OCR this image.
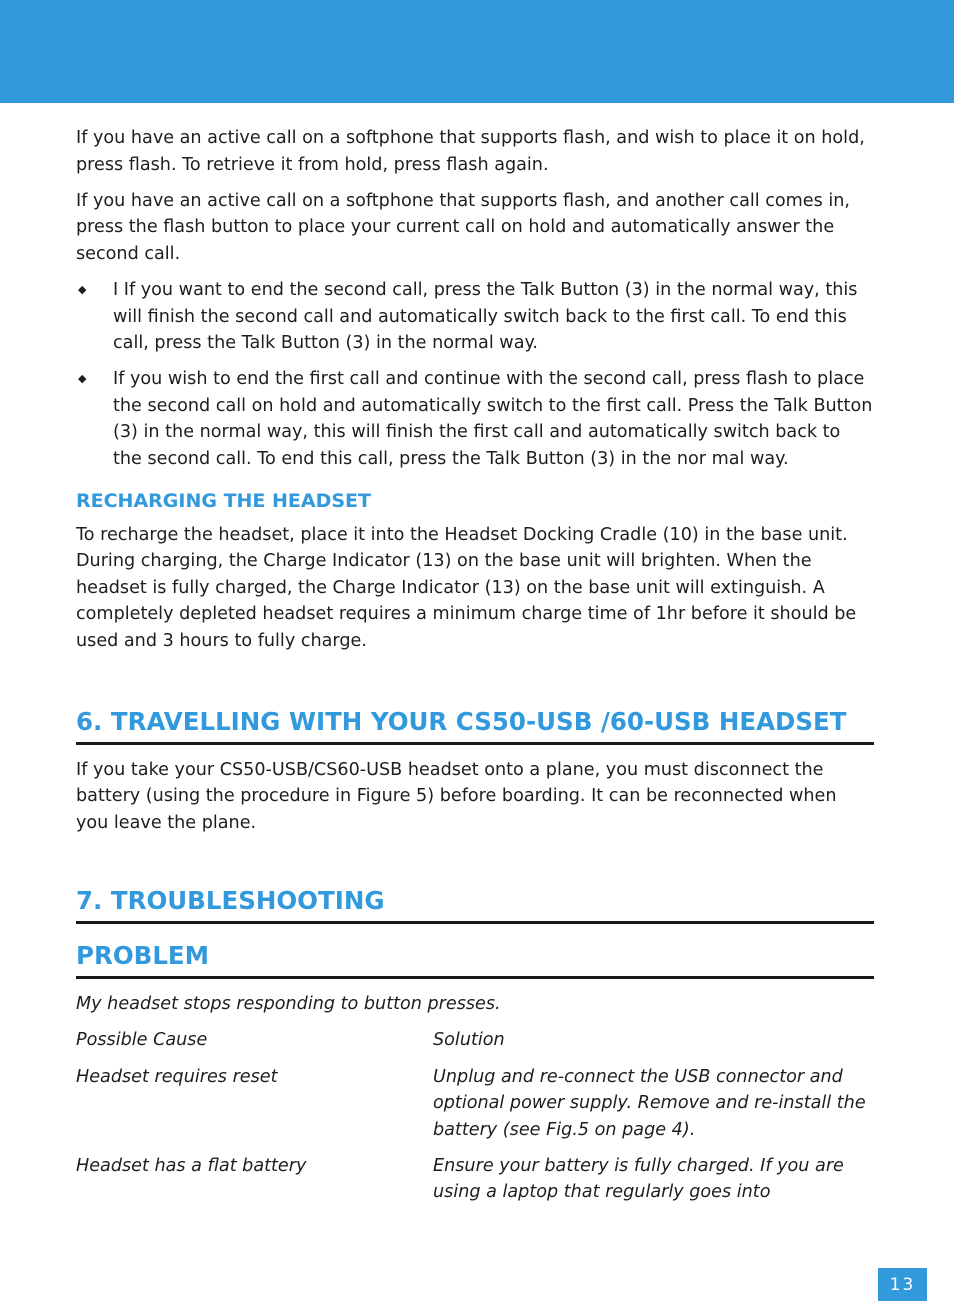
If you have an active call on a softphone that supports flash, and wish to place it on hold, press flash. To retrieve it from hold, press flash again.

If you have an active call on a softphone that supports flash, and another call comes in, press the flash button to place your current call on hold and automatically answer the second call.

◆ I If you want to end the second call, press the Talk Button (3) in the normal way, this will finish the second call and automatically switch back to the first call. To end this call, press the Talk Button (3) in the normal way.
◆ If you wish to end the first call and continue with the second call, press flash to place the second call on hold and automatically switch to the first call. Press the Talk Button (3) in the normal way, this will finish the first call and automatically switch back to the second call. To end this call, press the Talk Button (3) in the nor mal way.
RECHARGING THE HEADSET

To recharge the headset, place it into the Headset Docking Cradle (10) in the base unit. During charging, the Charge Indicator (13) on the base unit will brighten. When the headset is fully charged, the Charge Indicator (13) on the base unit will extinguish. A completely depleted headset requires a minimum charge time of 1hr before it should be used and 3 hours to fully charge.

6. TRAVELLING WITH YOUR CS50-USB /60-USB HEADSET

If you take your CS50-USB/CS60-USB headset onto a plane, you must disconnect the battery (using the procedure in Figure 5) before boarding. It can be reconnected when you leave the plane.

7. TROUBLESHOOTING
PROBLEM

My headset stops responding to button presses.

Possible Cause	Solution
Headset requires reset	Unplug and re-connect the USB connector and optional power supply. Remove and re-install the battery (see Fig.5 on page 4).
Headset has a flat battery	Ensure your battery is fully charged. If you are using a laptop that regularly goes into
13
